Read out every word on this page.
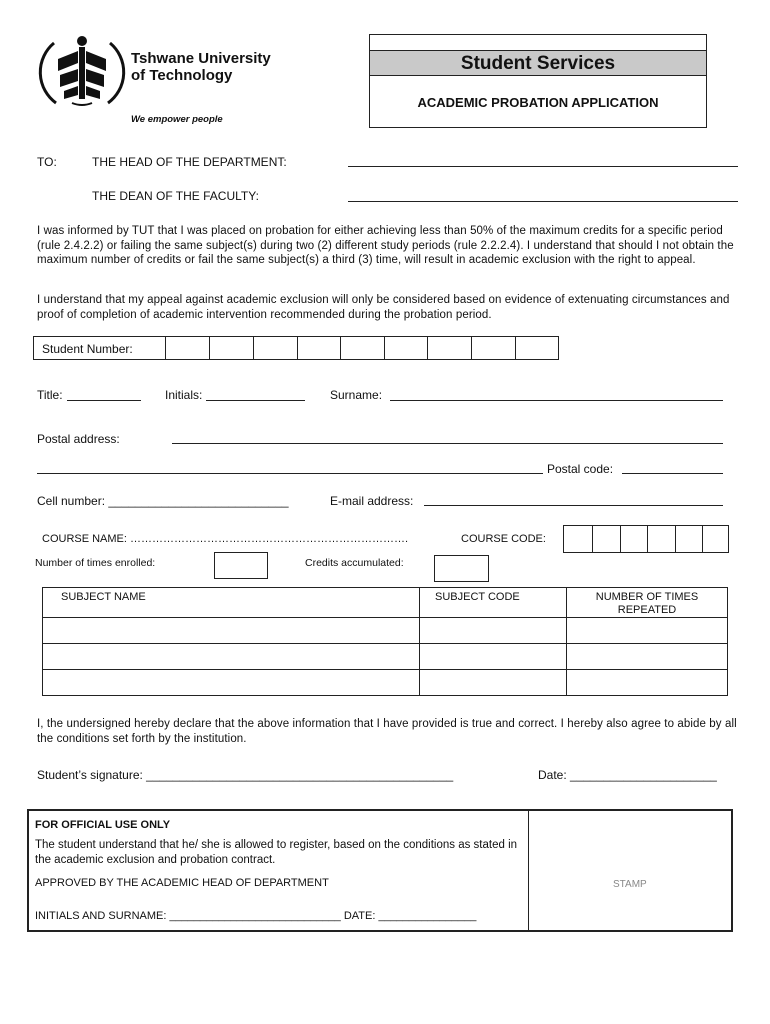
Tshwane University
of Technology
We empower people
Student Services
ACADEMIC PROBATION APPLICATION
TO:	THE HEAD OF THE DEPARTMENT:
THE DEAN OF THE FACULTY:
I was informed by TUT that I was placed on probation for either achieving less than 50% of the maximum credits for a specific period (rule 2.4.2.2) or failing the same subject(s) during two (2) different study periods (rule 2.2.2.4). I understand that should I not obtain the maximum number of credits or fail the same subject(s) a third (3) time, will result in academic exclusion with the right to appeal.
I understand that my appeal against academic exclusion will only be considered based on evidence of extenuating circumstances and proof of completion of academic intervention recommended during the probation period.
Student Number:
Title:	Initials:	Surname:
Postal address:
Postal code:
Cell number: ___________________________	E-mail address:
COURSE NAME: ………………………………………………………………….	COURSE CODE:
Number of times enrolled:	Credits accumulated:
SUBJECT NAME	SUBJECT CODE	NUMBER OF TIMES REPEATED

I, the undersigned hereby declare that the above information that I have provided is true and correct. I hereby also agree to abide by all the conditions set forth by the institution.
Student’s signature: ______________________________________________	Date: ______________________
FOR OFFICIAL USE ONLY
The student understand that he/ she is allowed to register, based on the conditions as stated in the academic exclusion and probation contract.
APPROVED BY THE ACADEMIC HEAD OF DEPARTMENT
INITIALS AND SURNAME: ____________________________ DATE: ________________
STAMP
